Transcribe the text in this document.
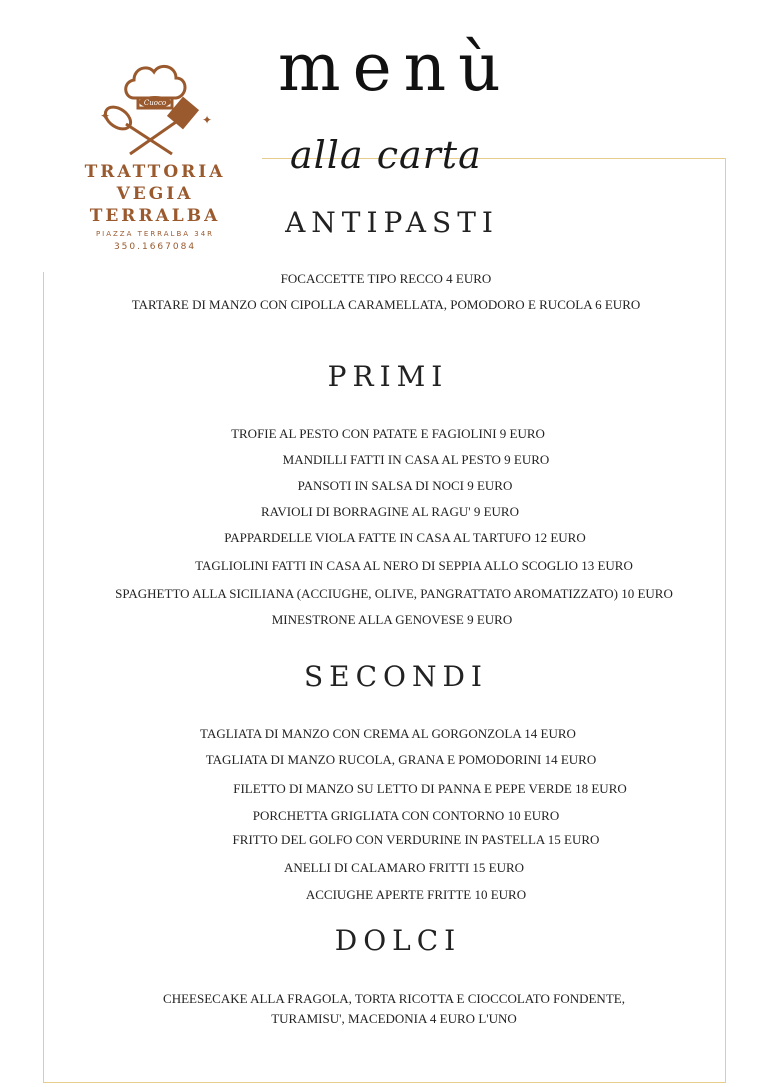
Cuoco
✦	✦
TRATTORIA
VEGIA
TERRALBA
PIAZZA TERRALBA 34R
350.1667084
menù
alla carta
ANTIPASTI
FOCACCETTE TIPO RECCO 4 EURO
TARTARE DI MANZO CON CIPOLLA CARAMELLATA, POMODORO E RUCOLA 6 EURO
PRIMI
TROFIE AL PESTO CON PATATE E FAGIOLINI 9 EURO
MANDILLI FATTI IN CASA AL PESTO 9 EURO
PANSOTI IN SALSA DI NOCI 9 EURO
RAVIOLI DI BORRAGINE AL RAGU' 9 EURO
PAPPARDELLE VIOLA FATTE IN CASA AL TARTUFO 12 EURO
TAGLIOLINI FATTI IN CASA AL NERO DI SEPPIA ALLO SCOGLIO 13 EURO
SPAGHETTO ALLA SICILIANA (ACCIUGHE, OLIVE, PANGRATTATO AROMATIZZATO) 10 EURO
MINESTRONE ALLA GENOVESE 9 EURO
SECONDI
TAGLIATA DI MANZO CON CREMA AL GORGONZOLA 14 EURO
TAGLIATA DI MANZO RUCOLA, GRANA E POMODORINI 14 EURO
FILETTO DI MANZO SU LETTO DI PANNA E PEPE VERDE 18 EURO
PORCHETTA GRIGLIATA CON CONTORNO 10 EURO
FRITTO DEL GOLFO CON VERDURINE IN PASTELLA 15 EURO
ANELLI DI CALAMARO FRITTI 15 EURO
ACCIUGHE APERTE FRITTE 10 EURO
DOLCI
CHEESECAKE ALLA FRAGOLA, TORTA RICOTTA E CIOCCOLATO FONDENTE,
TURAMISU', MACEDONIA 4 EURO L'UNO
